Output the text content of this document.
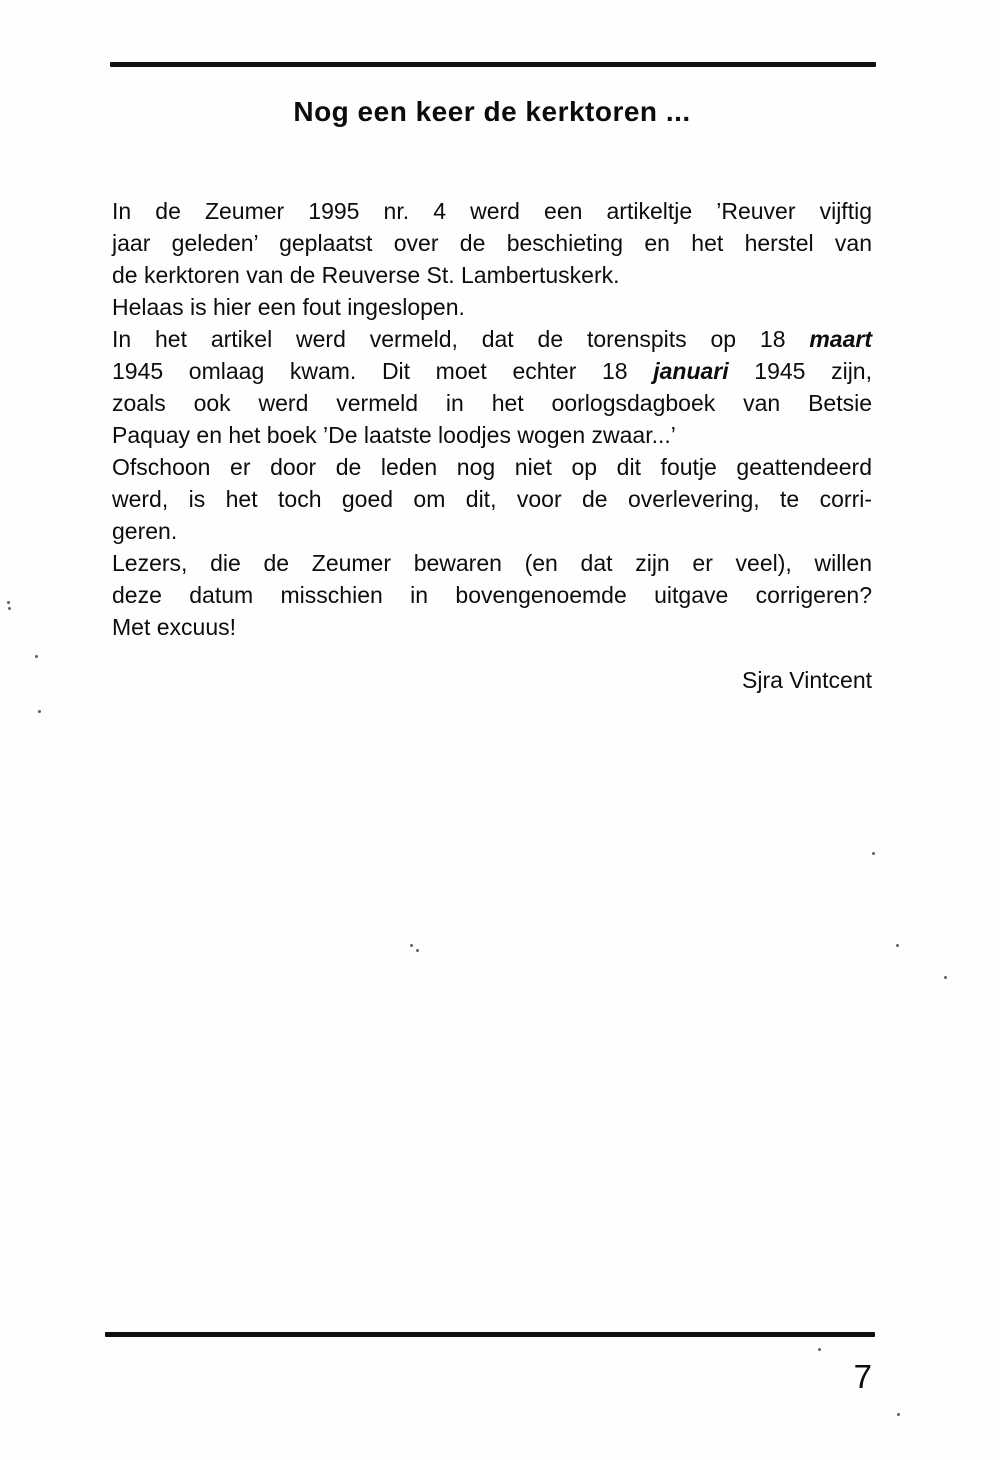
Nog een keer de kerktoren ...
In de Zeumer 1995 nr. 4 werd een artikeltje ’Reuver vijftig
jaar geleden’ geplaatst over de beschieting en het herstel van
de kerktoren van de Reuverse St. Lambertuskerk.
Helaas is hier een fout ingeslopen.
In het artikel werd vermeld, dat de torenspits op 18 maart
1945 omlaag kwam. Dit moet echter 18 januari 1945 zijn,
zoals ook werd vermeld in het oorlogsdagboek van Betsie
Paquay en het boek ’De laatste loodjes wogen zwaar...’
Ofschoon er door de leden nog niet op dit foutje geattendeerd
werd, is het toch goed om dit, voor de overlevering, te corri-
geren.
Lezers, die de Zeumer bewaren (en dat zijn er veel), willen
deze datum misschien in bovengenoemde uitgave corrigeren?
Met excuus!
Sjra Vintcent
7
